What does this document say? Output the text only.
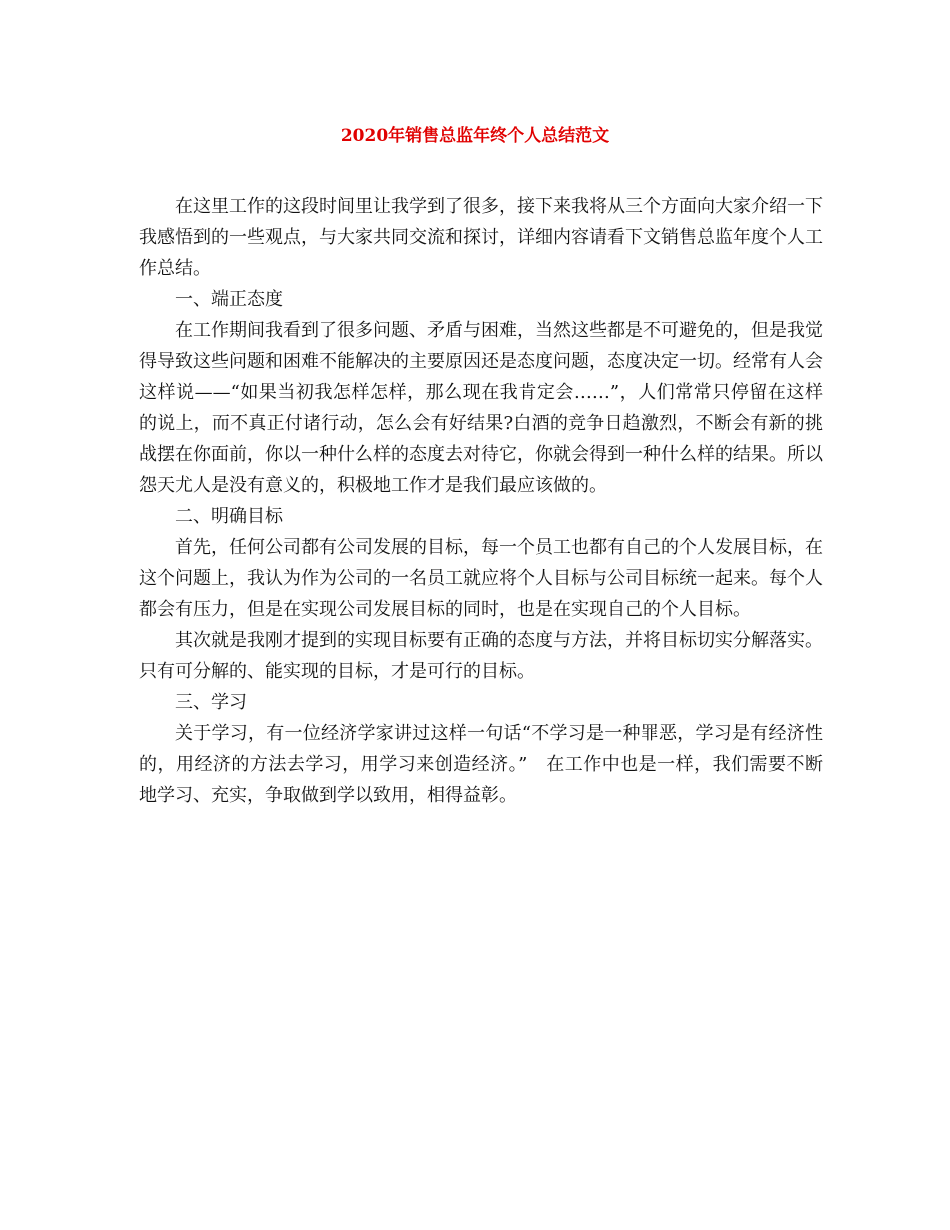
2020年销售总监年终个人总结范文

在这里工作的这段时间里让我学到了很多，接下来我将从三个方面向大家介绍一下我感悟到的一些观点，与大家共同交流和探讨，详细内容请看下文销售总监年度个人工作总结。

一、端正态度

在工作期间我看到了很多问题、矛盾与困难，当然这些都是不可避免的，但是我觉得导致这些问题和困难不能解决的主要原因还是态度问题，态度决定一切。经常有人会这样说——“如果当初我怎样怎样，那么现在我肯定会……”，人们常常只停留在这样的说上，而不真正付诸行动，怎么会有好结果?白酒的竞争日趋激烈，不断会有新的挑战摆在你面前，你以一种什么样的态度去对待它，你就会得到一种什么样的结果。所以怨天尤人是没有意义的，积极地工作才是我们最应该做的。

二、明确目标

首先，任何公司都有公司发展的目标，每一个员工也都有自己的个人发展目标，在这个问题上，我认为作为公司的一名员工就应将个人目标与公司目标统一起来。每个人都会有压力，但是在实现公司发展目标的同时，也是在实现自己的个人目标。

其次就是我刚才提到的实现目标要有正确的态度与方法，并将目标切实分解落实。只有可分解的、能实现的目标，才是可行的目标。

三、学习

关于学习，有一位经济学家讲过这样一句话“不学习是一种罪恶，学习是有经济性的，用经济的方法去学习，用学习来创造经济。”　在工作中也是一样，我们需要不断地学习、充实，争取做到学以致用，相得益彰。
